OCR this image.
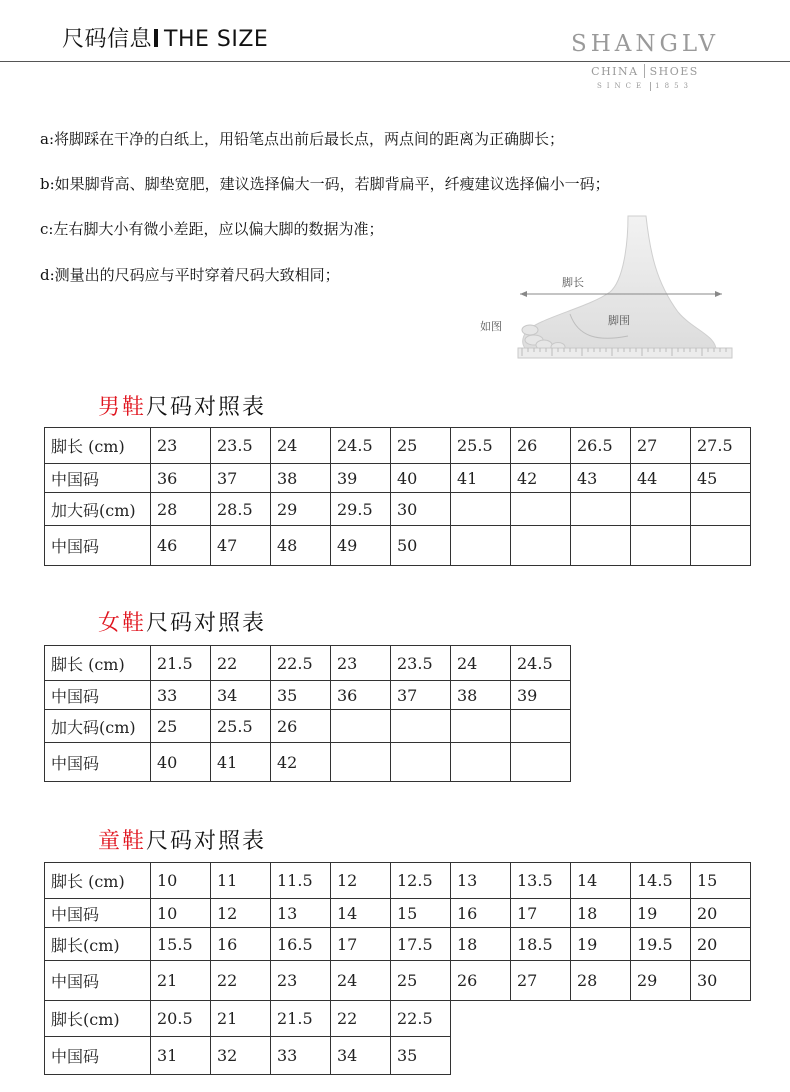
尺码信息 THE SIZE	SHANGLV
CHINA SHOES
SINCE 1853
a:将脚踩在干净的白纸上，用铅笔点出前后最长点，两点间的距离为正确脚长；
b:如果脚背高、脚垫宽肥，建议选择偏大一码，若脚背扁平，纤瘦建议选择偏小一码；
c:左右脚大小有微小差距，应以偏大脚的数据为准；
d:测量出的尺码应与平时穿着尺码大致相同；	脚长
脚围
如图
男鞋尺码对照表
脚长 (cm)	23	23.5	24	24.5	25	25.5	26	26.5	27	27.5
中国码	36	37	38	39	40	41	42	43	44	45
加大码(cm)	28	28.5	29	29.5	30					
中国码	46	47	48	49	50					
女鞋尺码对照表
脚长 (cm)	21.5	22	22.5	23	23.5	24	24.5
中国码	33	34	35	36	37	38	39
加大码(cm)	25	25.5	26				
中国码	40	41	42				
童鞋尺码对照表
脚长 (cm)	10	11	11.5	12	12.5	13	13.5	14	14.5	15
中国码	10	12	13	14	15	16	17	18	19	20
脚长(cm)	15.5	16	16.5	17	17.5	18	18.5	19	19.5	20
中国码	21	22	23	24	25	26	27	28	29	30
脚长(cm)	20.5	21	21.5	22	22.5					
中国码	31	32	33	34	35					
